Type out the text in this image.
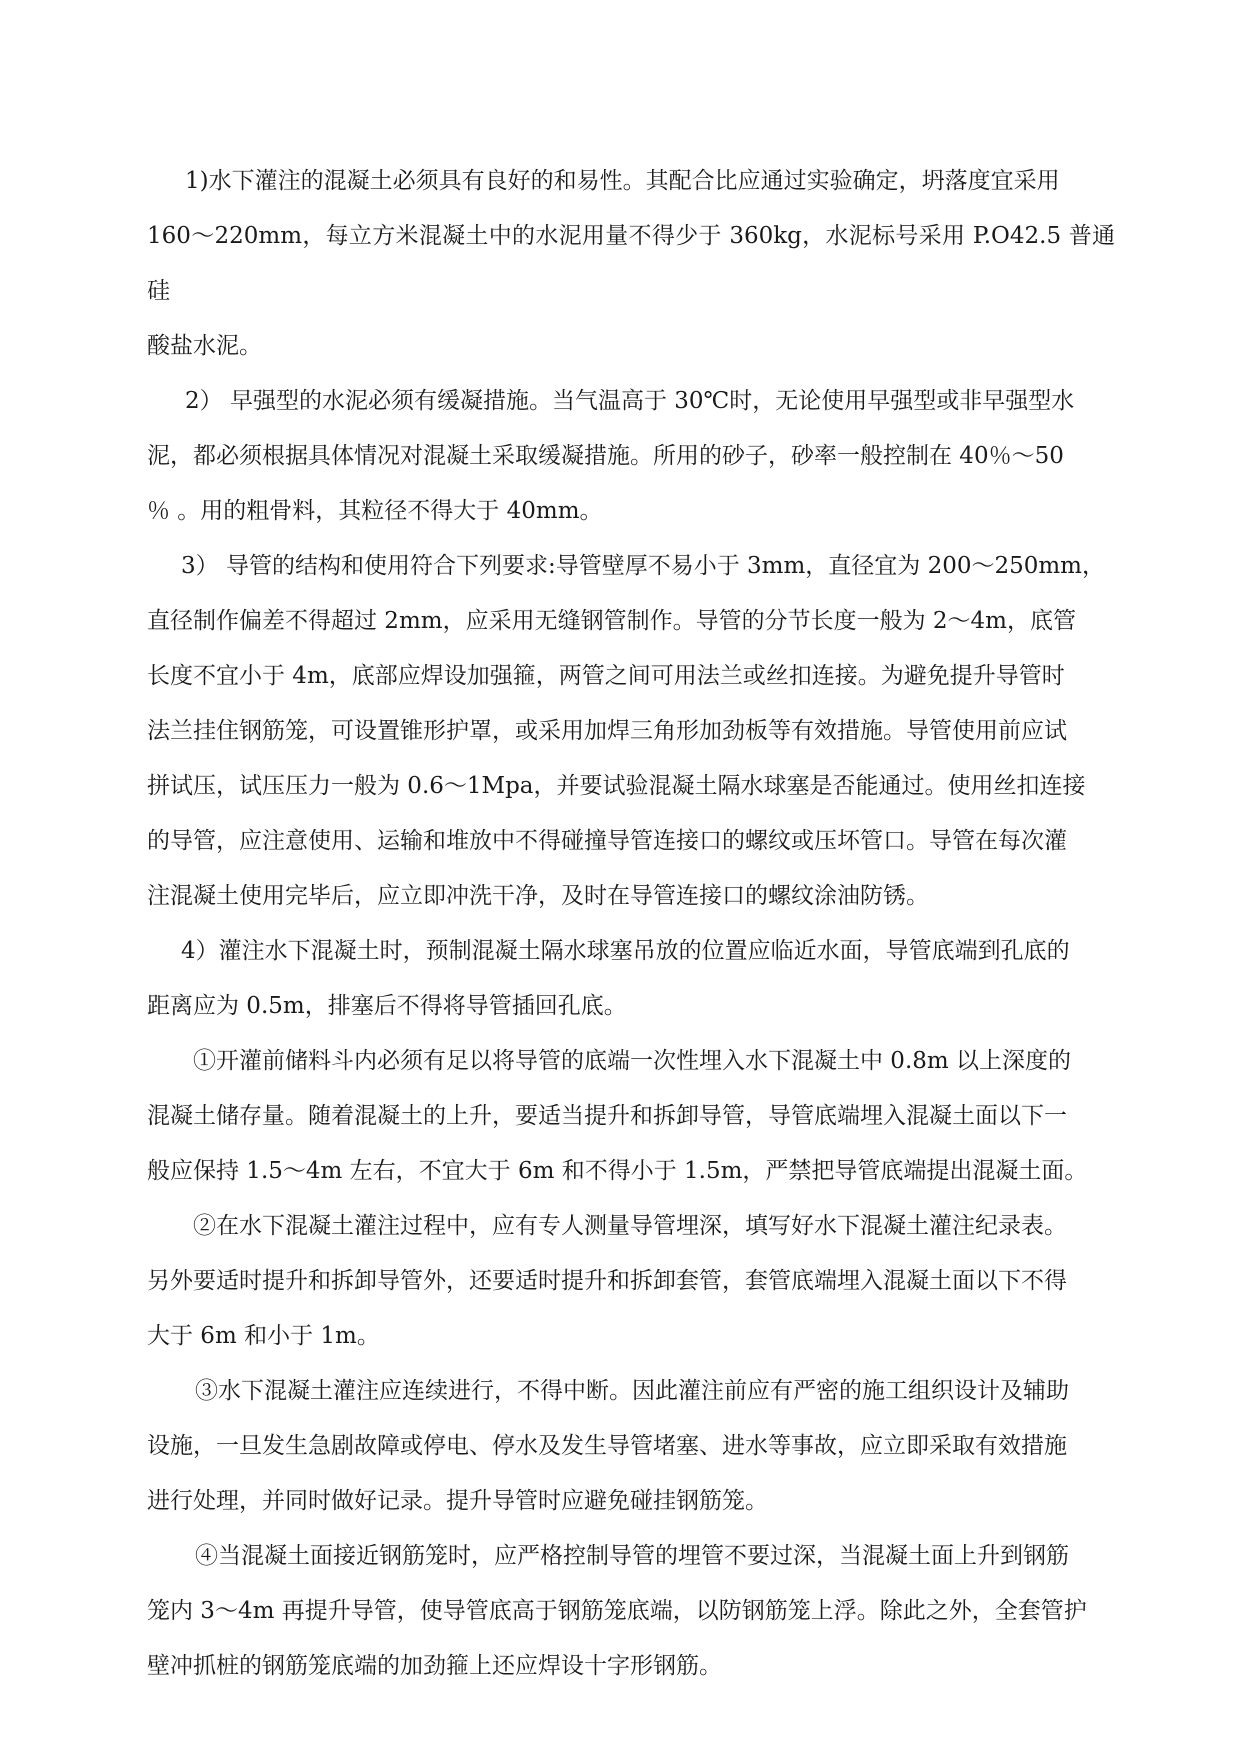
1)水下灌注的混凝土必须具有良好的和易性。其配合比应通过实验确定，坍落度宜采用
160～220mm，每立方米混凝土中的水泥用量不得少于 360kg，水泥标号采用 P.O42.5 普通硅
酸盐水泥。

2） 早强型的水泥必须有缓凝措施。当气温高于 30℃时，无论使用早强型或非早强型水
泥，都必须根据具体情况对混凝土采取缓凝措施。所用的砂子，砂率一般控制在 40％～50
％ 。用的粗骨料，其粒径不得大于 40mm。

3） 导管的结构和使用符合下列要求:导管壁厚不易小于 3mm，直径宜为 200～250mm，
直径制作偏差不得超过 2mm，应采用无缝钢管制作。导管的分节长度一般为 2～4m，底管
长度不宜小于 4m，底部应焊设加强箍，两管之间可用法兰或丝扣连接。为避免提升导管时
法兰挂住钢筋笼，可设置锥形护罩，或采用加焊三角形加劲板等有效措施。导管使用前应试
拼试压，试压压力一般为 0.6～1Mpa，并要试验混凝土隔水球塞是否能通过。使用丝扣连接
的导管，应注意使用、运输和堆放中不得碰撞导管连接口的螺纹或压坏管口。导管在每次灌
注混凝土使用完毕后，应立即冲洗干净，及时在导管连接口的螺纹涂油防锈。

4）灌注水下混凝土时，预制混凝土隔水球塞吊放的位置应临近水面，导管底端到孔底的
距离应为 0.5m，排塞后不得将导管插回孔底。

①开灌前储料斗内必须有足以将导管的底端一次性埋入水下混凝土中 0.8m 以上深度的
混凝土储存量。随着混凝土的上升，要适当提升和拆卸导管，导管底端埋入混凝土面以下一
般应保持 1.5～4m 左右，不宜大于 6m 和不得小于 1.5m，严禁把导管底端提出混凝土面。

②在水下混凝土灌注过程中，应有专人测量导管埋深，填写好水下混凝土灌注纪录表。
另外要适时提升和拆卸导管外，还要适时提升和拆卸套管，套管底端埋入混凝土面以下不得
大于 6m 和小于 1m。

③水下混凝土灌注应连续进行，不得中断。因此灌注前应有严密的施工组织设计及辅助
设施，一旦发生急剧故障或停电、停水及发生导管堵塞、进水等事故，应立即采取有效措施
进行处理，并同时做好记录。提升导管时应避免碰挂钢筋笼。

④当混凝土面接近钢筋笼时，应严格控制导管的埋管不要过深，当混凝土面上升到钢筋
笼内 3～4m 再提升导管，使导管底高于钢筋笼底端，以防钢筋笼上浮。除此之外，全套管护
壁冲抓桩的钢筋笼底端的加劲箍上还应焊设十字形钢筋。
